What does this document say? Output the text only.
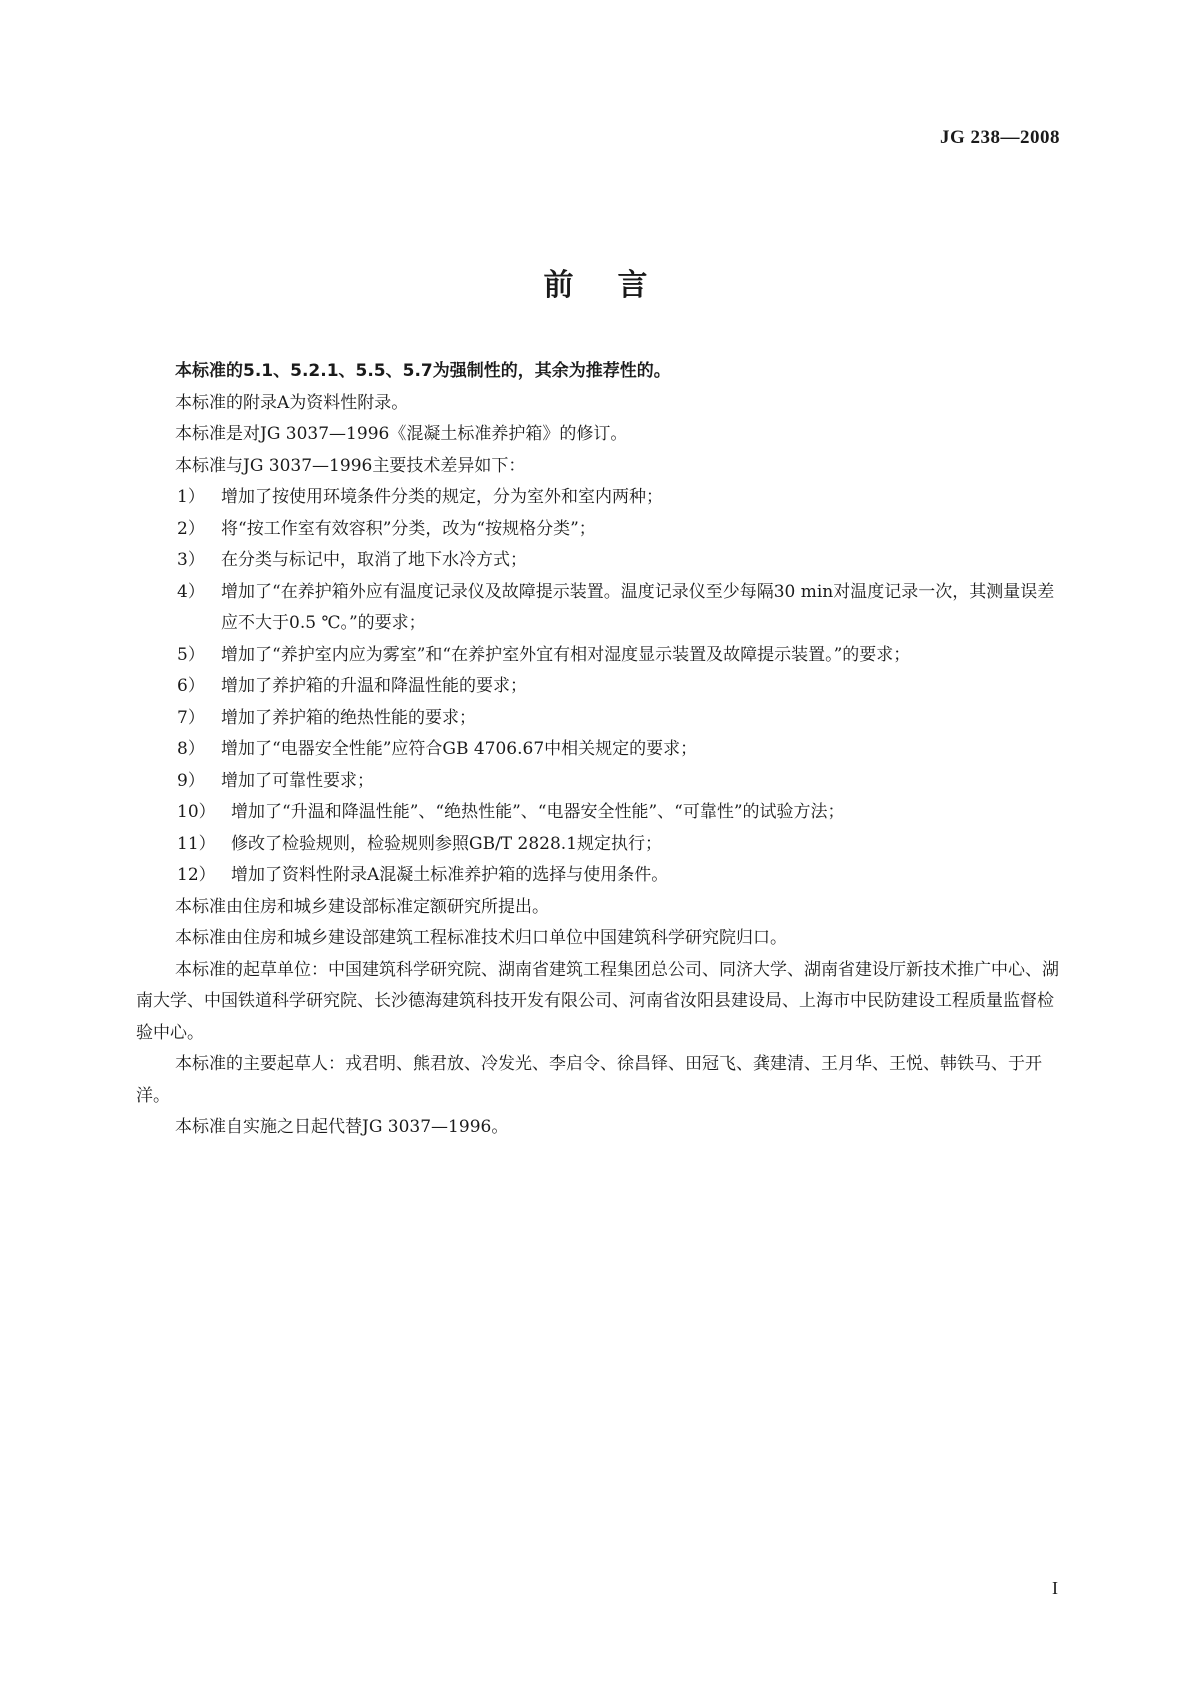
JG 238—2008
前言

本标准的5.1、5.2.1、5.5、5.7为强制性的，其余为推荐性的。

本标准的附录A为资料性附录。

本标准是对JG 3037—1996《混凝土标准养护箱》的修订。

本标准与JG 3037—1996主要技术差异如下：

1） 增加了按使用环境条件分类的规定，分为室外和室内两种；
2） 将“按工作室有效容积”分类，改为“按规格分类”；
3） 在分类与标记中，取消了地下水冷方式；
4） 增加了“在养护箱外应有温度记录仪及故障提示装置。温度记录仪至少每隔30 min对温度记录一次，其测量误差应不大于0.5 ℃。”的要求；
5） 增加了“养护室内应为雾室”和“在养护室外宜有相对湿度显示装置及故障提示装置。”的要求；
6） 增加了养护箱的升温和降温性能的要求；
7） 增加了养护箱的绝热性能的要求；
8） 增加了“电器安全性能”应符合GB 4706.67中相关规定的要求；
9） 增加了可靠性要求；
10） 增加了“升温和降温性能”、“绝热性能”、“电器安全性能”、“可靠性”的试验方法；
11） 修改了检验规则，检验规则参照GB/T 2828.1规定执行；
12） 增加了资料性附录A混凝土标准养护箱的选择与使用条件。

本标准由住房和城乡建设部标准定额研究所提出。

本标准由住房和城乡建设部建筑工程标准技术归口单位中国建筑科学研究院归口。

本标准的起草单位：中国建筑科学研究院、湖南省建筑工程集团总公司、同济大学、湖南省建设厅新技术推广中心、湖南大学、中国铁道科学研究院、长沙德海建筑科技开发有限公司、河南省汝阳县建设局、上海市中民防建设工程质量监督检验中心。

本标准的主要起草人：戎君明、熊君放、冷发光、李启令、徐昌铎、田冠飞、龚建清、王月华、王悦、韩铁马、于开洋。

本标准自实施之日起代替JG 3037—1996。

I
